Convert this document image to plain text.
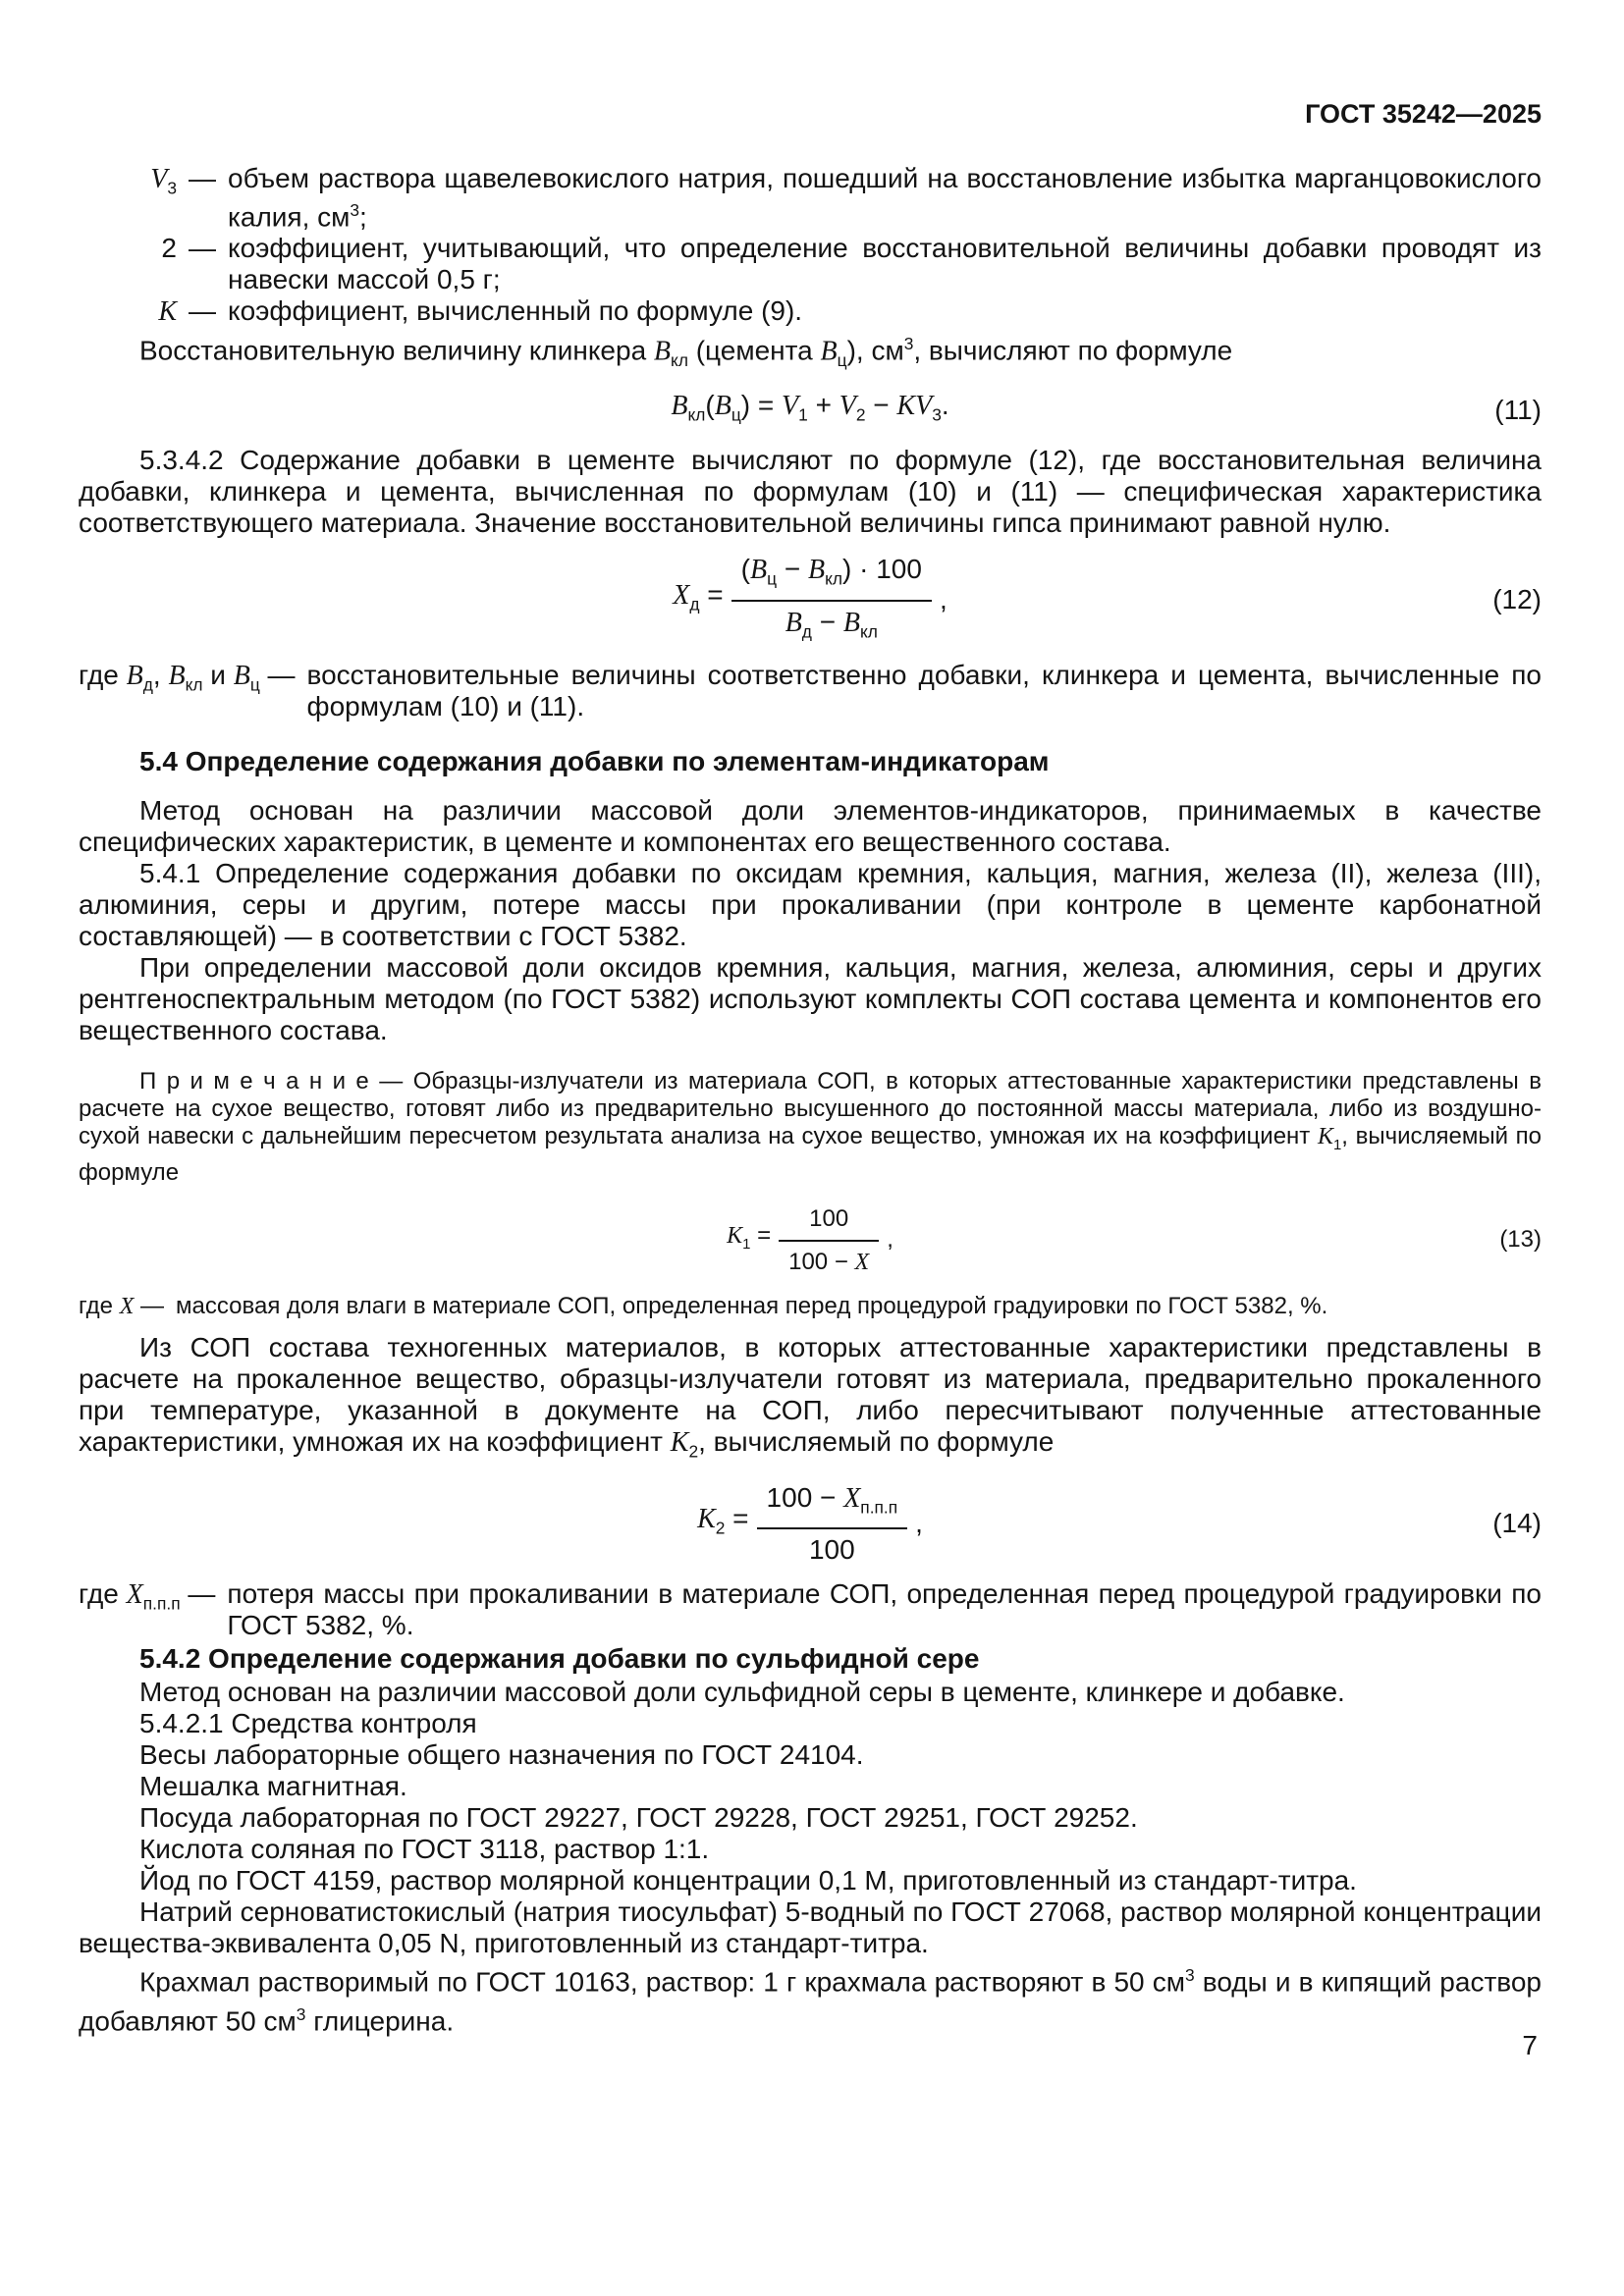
ГОСТ 35242—2025
$V_3$ — объем раствора щавелевокислого натрия, пошедший на восстановление избытка марганцовокислого калия, $см^3$;
2 — коэффициент, учитывающий, что определение восстановительной величины добавки проводят из навески массой 0,5 г;
К — коэффициент, вычисленный по формуле (9).
Восстановительную величину клинкера $В_{кл}$ (цемента $В_ц$), $см^3$, вычисляют по формуле
$В_{кл}(В_ц) = V_1 + V_2 - KV_3$.	(11)
5.3.4.2 Содержание добавки в цементе вычисляют по формуле (12), где восстановительная величина добавки, клинкера и цемента, вычисленная по формулам (10) и (11) — специфическая характеристика соответствующего материала. Значение восстановительной величины гипса принимают равной нулю.
$Х_д = \frac{(В_ц - В_{кл}) \cdot 100}{В_д - В_{кл}}$ ,	(12)
где $В_д$, $В_{кл}$ и $В_ц$ — восстановительные величины соответственно добавки, клинкера и цемента, вычисленные по формулам (10) и (11).
5.4 Определение содержания добавки по элементам-индикаторам
Метод основан на различии массовой доли элементов-индикаторов, принимаемых в качестве специфических характеристик, в цементе и компонентах его вещественного состава.
5.4.1 Определение содержания добавки по оксидам кремния, кальция, магния, железа (II), железа (III), алюминия, серы и другим, потере массы при прокаливании (при контроле в цементе карбонатной составляющей) — в соответствии с ГОСТ 5382.
При определении массовой доли оксидов кремния, кальция, магния, железа, алюминия, серы и других рентгеноспектральным методом (по ГОСТ 5382) используют комплекты СОП состава цемента и компонентов его вещественного состава.
П р и м е ч а н и е — Образцы-излучатели из материала СОП, в которых аттестованные характеристики представлены в расчете на сухое вещество, готовят либо из предварительно высушенного до постоянной массы материала, либо из воздушно-сухой навески с дальнейшим пересчетом результата анализа на сухое вещество, умножая их на коэффициент $K_1$, вычисляемый по формуле
$K_1 = \frac{100}{100 - X}$ ,	(13)
где X — массовая доля влаги в материале СОП, определенная перед процедурой градуировки по ГОСТ 5382, %.
Из СОП состава техногенных материалов, в которых аттестованные характеристики представлены в расчете на прокаленное вещество, образцы-излучатели готовят из материала, предварительно прокаленного при температуре, указанной в документе на СОП, либо пересчитывают полученные аттестованные характеристики, умножая их на коэффициент $K_2$, вычисляемый по формуле
$K_2 = \frac{100 - Х_{п.п.п}}{100}$ ,	(14)
где $Х_{п.п.п}$ — потеря массы при прокаливании в материале СОП, определенная перед процедурой градуировки по ГОСТ 5382, %.
5.4.2 Определение содержания добавки по сульфидной сере
Метод основан на различии массовой доли сульфидной серы в цементе, клинкере и добавке.
5.4.2.1 Средства контроля
Весы лабораторные общего назначения по ГОСТ 24104.
Мешалка магнитная.
Посуда лабораторная по ГОСТ 29227, ГОСТ 29228, ГОСТ 29251, ГОСТ 29252.
Кислота соляная по ГОСТ 3118, раствор 1:1.
Йод по ГОСТ 4159, раствор молярной концентрации 0,1 М, приготовленный из стандарт-титра.
Натрий серноватистокислый (натрия тиосульфат) 5-водный по ГОСТ 27068, раствор молярной концентрации вещества-эквивалента 0,05 N, приготовленный из стандарт-титра.
Крахмал растворимый по ГОСТ 10163, раствор: 1 г крахмала растворяют в 50 $см^3$ воды и в кипящий раствор добавляют 50 $см^3$ глицерина.
7
